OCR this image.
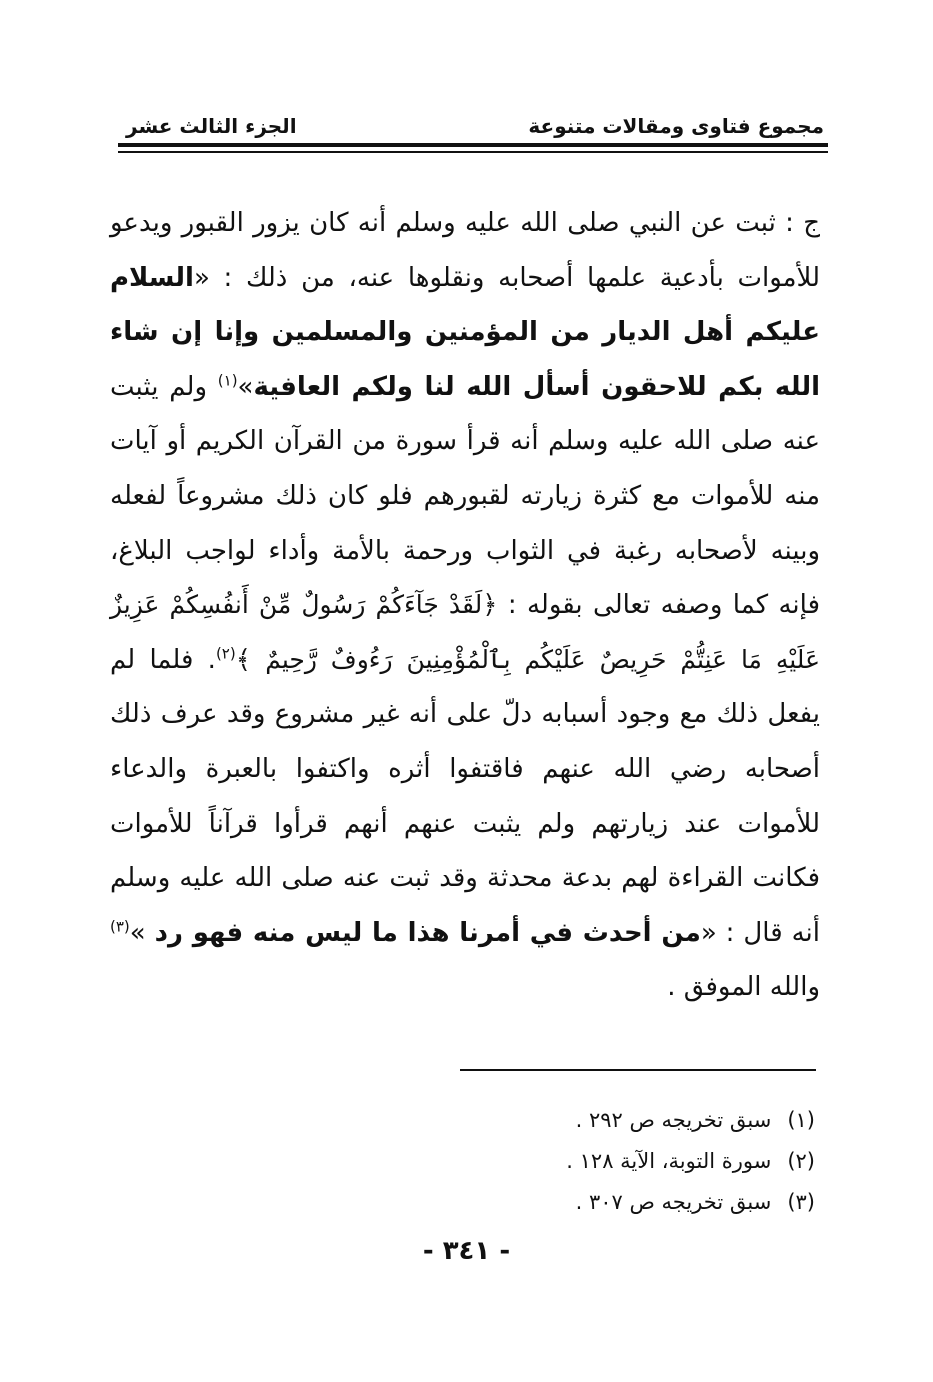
مجموع فتاوى ومقالات متنوعة
الجزء الثالث عشر
ج : ثبت عن النبي صلى الله عليه وسلم أنه كان يزور القبور ويدعو للأموات بأدعية علمها أصحابه ونقلوها عنه، من ذلك : «السلام عليكم أهل الديار من المؤمنين والمسلمين وإنا إن شاء الله بكم للاحقون أسأل الله لنا ولكم العافية»$^{(١)}$ ولم يثبت عنه صلى الله عليه وسلم أنه قرأ سورة من القرآن الكريم أو آيات منه للأموات مع كثرة زيارته لقبورهم فلو كان ذلك مشروعاً لفعله وبينه لأصحابه رغبة في الثواب ورحمة بالأمة وأداء لواجب البلاغ، فإنه كما وصفه تعالى بقوله : ﴿لَقَدْ جَآءَكُمْ رَسُولٌ مِّنْ أَنفُسِكُمْ عَزِيزٌ عَلَيْهِ مَا عَنِتُّمْ حَرِيصٌ عَلَيْكُم بِٱلْمُؤْمِنِينَ رَءُوفٌ رَّحِيمٌ ﴾$^{(٢)}$. فلما لم يفعل ذلك مع وجود أسبابه دلّ على أنه غير مشروع وقد عرف ذلك أصحابه رضي الله عنهم فاقتفوا أثره واكتفوا بالعبرة والدعاء للأموات عند زيارتهم ولم يثبت عنهم أنهم قرأوا قرآناً للأموات فكانت القراءة لهم بدعة محدثة وقد ثبت عنه صلى الله عليه وسلم أنه قال : «من أحدث في أمرنا هذا ما ليس منه فهو رد »$^{(٣)}$ والله الموفق .
(١)سبق تخريجه ص ٢٩٢ .
(٢)سورة التوبة، الآية ١٢٨ .
(٣)سبق تخريجه ص ٣٠٧ .
- ٣٤١ -
